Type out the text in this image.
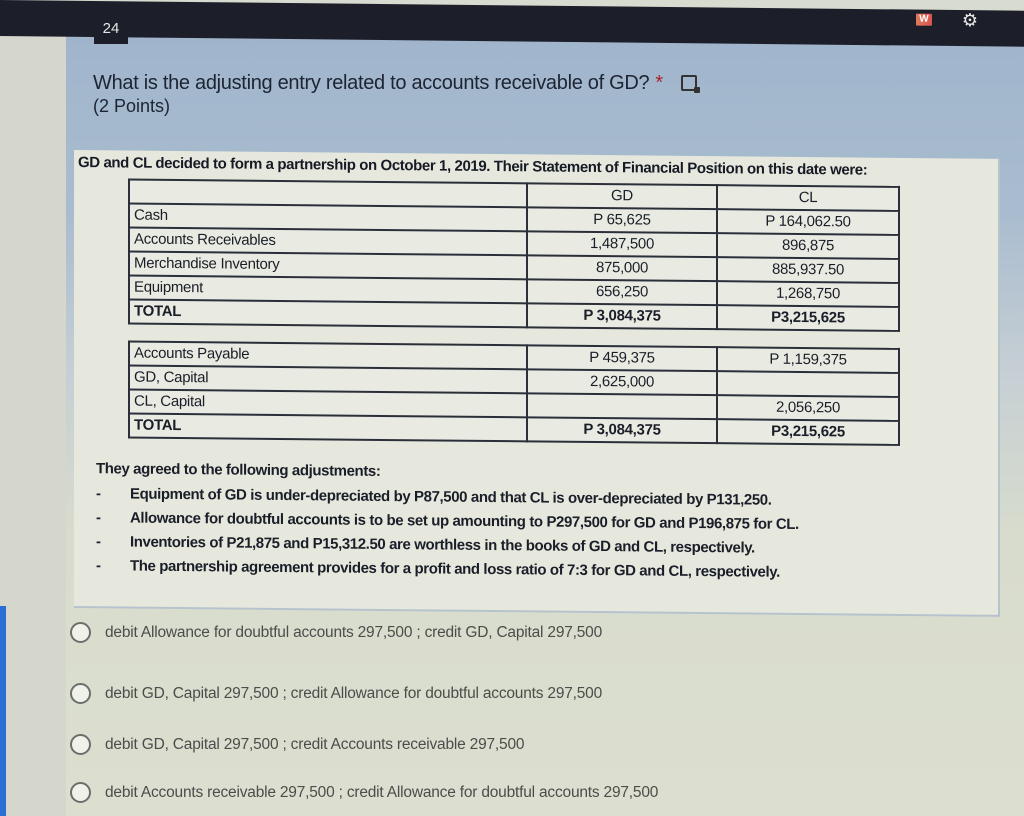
W ⚙
24
What is the adjusting entry related to accounts receivable of GD? *
(2 Points)
GD and CL decided to form a partnership on October 1, 2019. Their Statement of Financial Position on this date were:
	GD	CL
Cash	P 65,625	P 164,062.50
Accounts Receivables	1,487,500	896,875
Merchandise Inventory	875,000	885,937.50
Equipment	656,250	1,268,750
TOTAL	P 3,084,375	P3,215,625
Accounts Payable	P 459,375	P 1,159,375
GD, Capital	2,625,000	
CL, Capital		2,056,250
TOTAL	P 3,084,375	P3,215,625
They agreed to the following adjustments:
- Equipment of GD is under-depreciated by P87,500 and that CL is over-depreciated by P131,250.
- Allowance for doubtful accounts is to be set up amounting to P297,500 for GD and P196,875 for CL.
- Inventories of P21,875 and P15,312.50 are worthless in the books of GD and CL, respectively.
- The partnership agreement provides for a profit and loss ratio of 7:3 for GD and CL, respectively.
debit Allowance for doubtful accounts 297,500 ; credit GD, Capital 297,500
debit GD, Capital 297,500 ; credit Allowance for doubtful accounts 297,500
debit GD, Capital 297,500 ; credit Accounts receivable 297,500
debit Accounts receivable 297,500 ; credit Allowance for doubtful accounts 297,500
